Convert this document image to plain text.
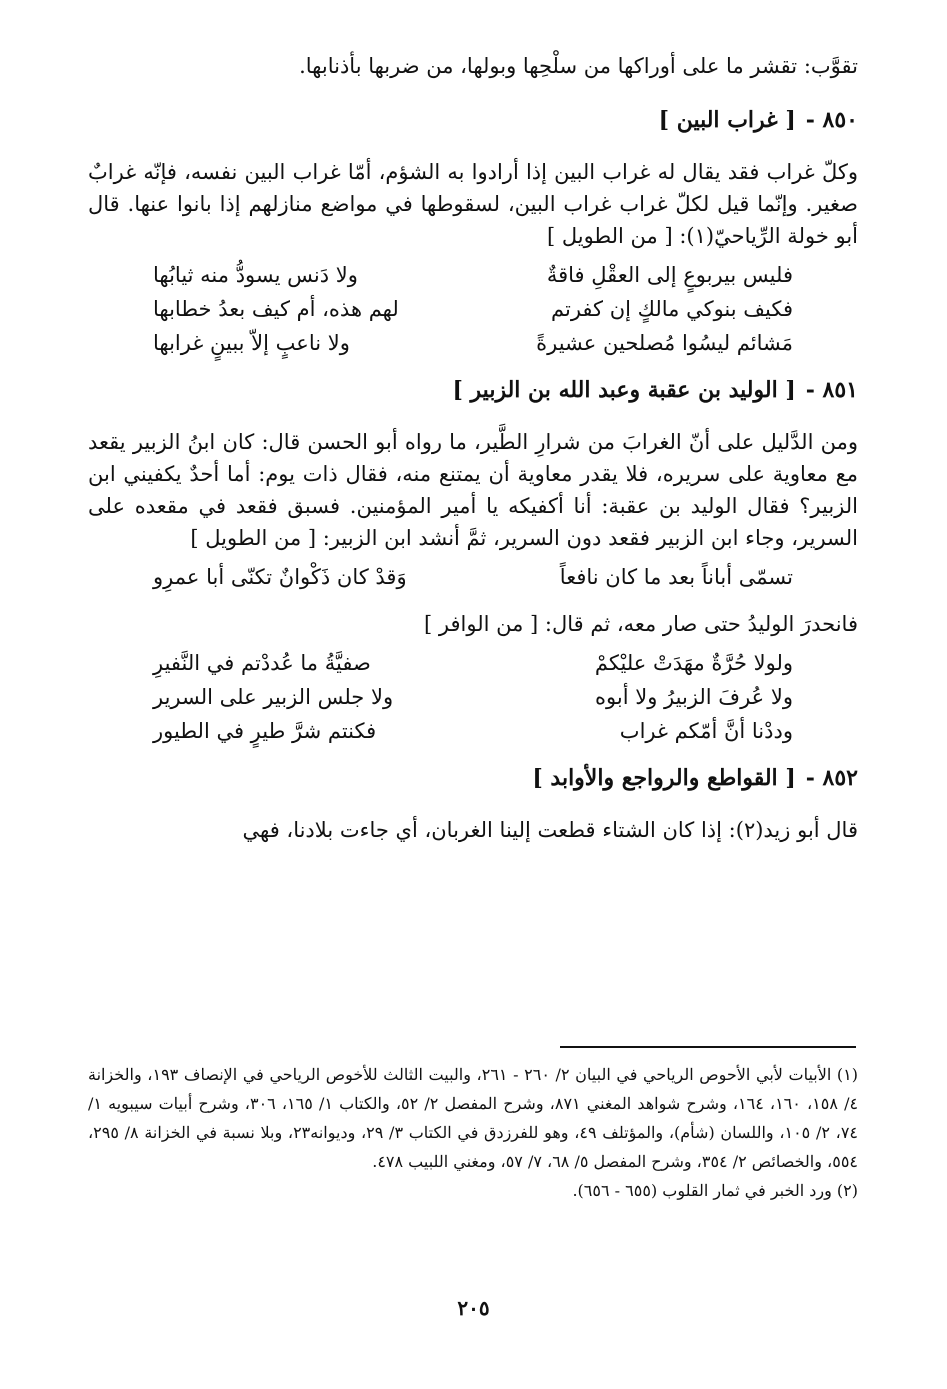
تقوَّب: تقشر ما على أوراكها من سلْحِها وبولها، من ضربها بأذنابها.

٨٥٠ -[ غراب البين ]

وكلّ غراب فقد يقال له غراب البين إذا أرادوا به الشؤم، أمّا غراب البين نفسه، فإنّه غرابٌ صغير. وإنّما قيل لكلّ غراب غراب البين، لسقوطها في مواضع منازلهم إذا بانوا عنها. قال أبو خولة الرِّياحيّ(١): [ من الطويل ]

فليس بيربوعٍ إلى العقْلِ فاقةٌ
ولا دَنس يسودُّ منه ثيابُها
فكيف بنوكي مالكٍ إن كفرتم
لهم هذه، أم كيف بعدُ خطابها
مَشائم ليسُوا مُصلحين عشيرةً
ولا ناعبٍ إلاّ ببينٍ غرابها
٨٥١ -[ الوليد بن عقبة وعبد الله بن الزبير ]

ومن الدَّليل على أنّ الغرابَ من شرارِ الطَّير، ما رواه أبو الحسن قال: كان ابنُ الزبير يقعد مع معاوية على سريره، فلا يقدر معاوية أن يمتنع منه، فقال ذات يوم: أما أحدٌ يكفيني ابن الزبير؟ فقال الوليد بن عقبة: أنا أكفيكه يا أمير المؤمنين. فسبق فقعد في مقعده على السرير، وجاء ابن الزبير فقعد دون السرير، ثمَّ أنشد ابن الزبير: [ من الطويل ]

تسمّى أباناً بعد ما كان نافعاً
وَقدْ كان ذَكْوانٌ تكنّى أبا عمرِو

فانحدرَ الوليدُ حتى صار معه، ثم قال: [ من الوافر ]

ولولا حُرَّةٌ مهَدَتْ عليْكمْ
صفيَّةُ ما عُددْتم في النَّفيرِ
ولا عُرفَ الزبيرُ ولا أبوه
ولا جلس الزبير على السرير
وددْنا أنَّ أمّكم غراب
فكنتم شرَّ طيرٍ في الطيور
٨٥٢ -[ القواطع والرواجع والأوابد ]

قال أبو زيد(٢): إذا كان الشتاء قطعت إلينا الغربان، أي جاءت بلادنا، فهي

(١) الأبيات لأبي الأحوص الرياحي في البيان ٢/ ٢٦٠ - ٢٦١، والبيت الثالث للأخوص الرياحي في الإنصاف ١٩٣، والخزانة ٤/ ١٥٨، ١٦٠، ١٦٤، وشرح شواهد المغني ٨٧١، وشرح المفصل ٢/ ٥٢، والكتاب ١/ ١٦٥، ٣٠٦، وشرح أبيات سيبويه ١/ ٧٤، ٢/ ١٠٥، واللسان (شأم)، والمؤتلف ٤٩، وهو للفرزدق في الكتاب ٣/ ٢٩، وديوانه٢٣، وبلا نسبة في الخزانة ٨/ ٢٩٥، ٥٥٤، والخصائص ٢/ ٣٥٤، وشرح المفصل ٥/ ٦٨، ٧/ ٥٧، ومغني اللبيب ٤٧٨.

(٢) ورد الخبر في ثمار القلوب (٦٥٥ - ٦٥٦).

٢٠٥
